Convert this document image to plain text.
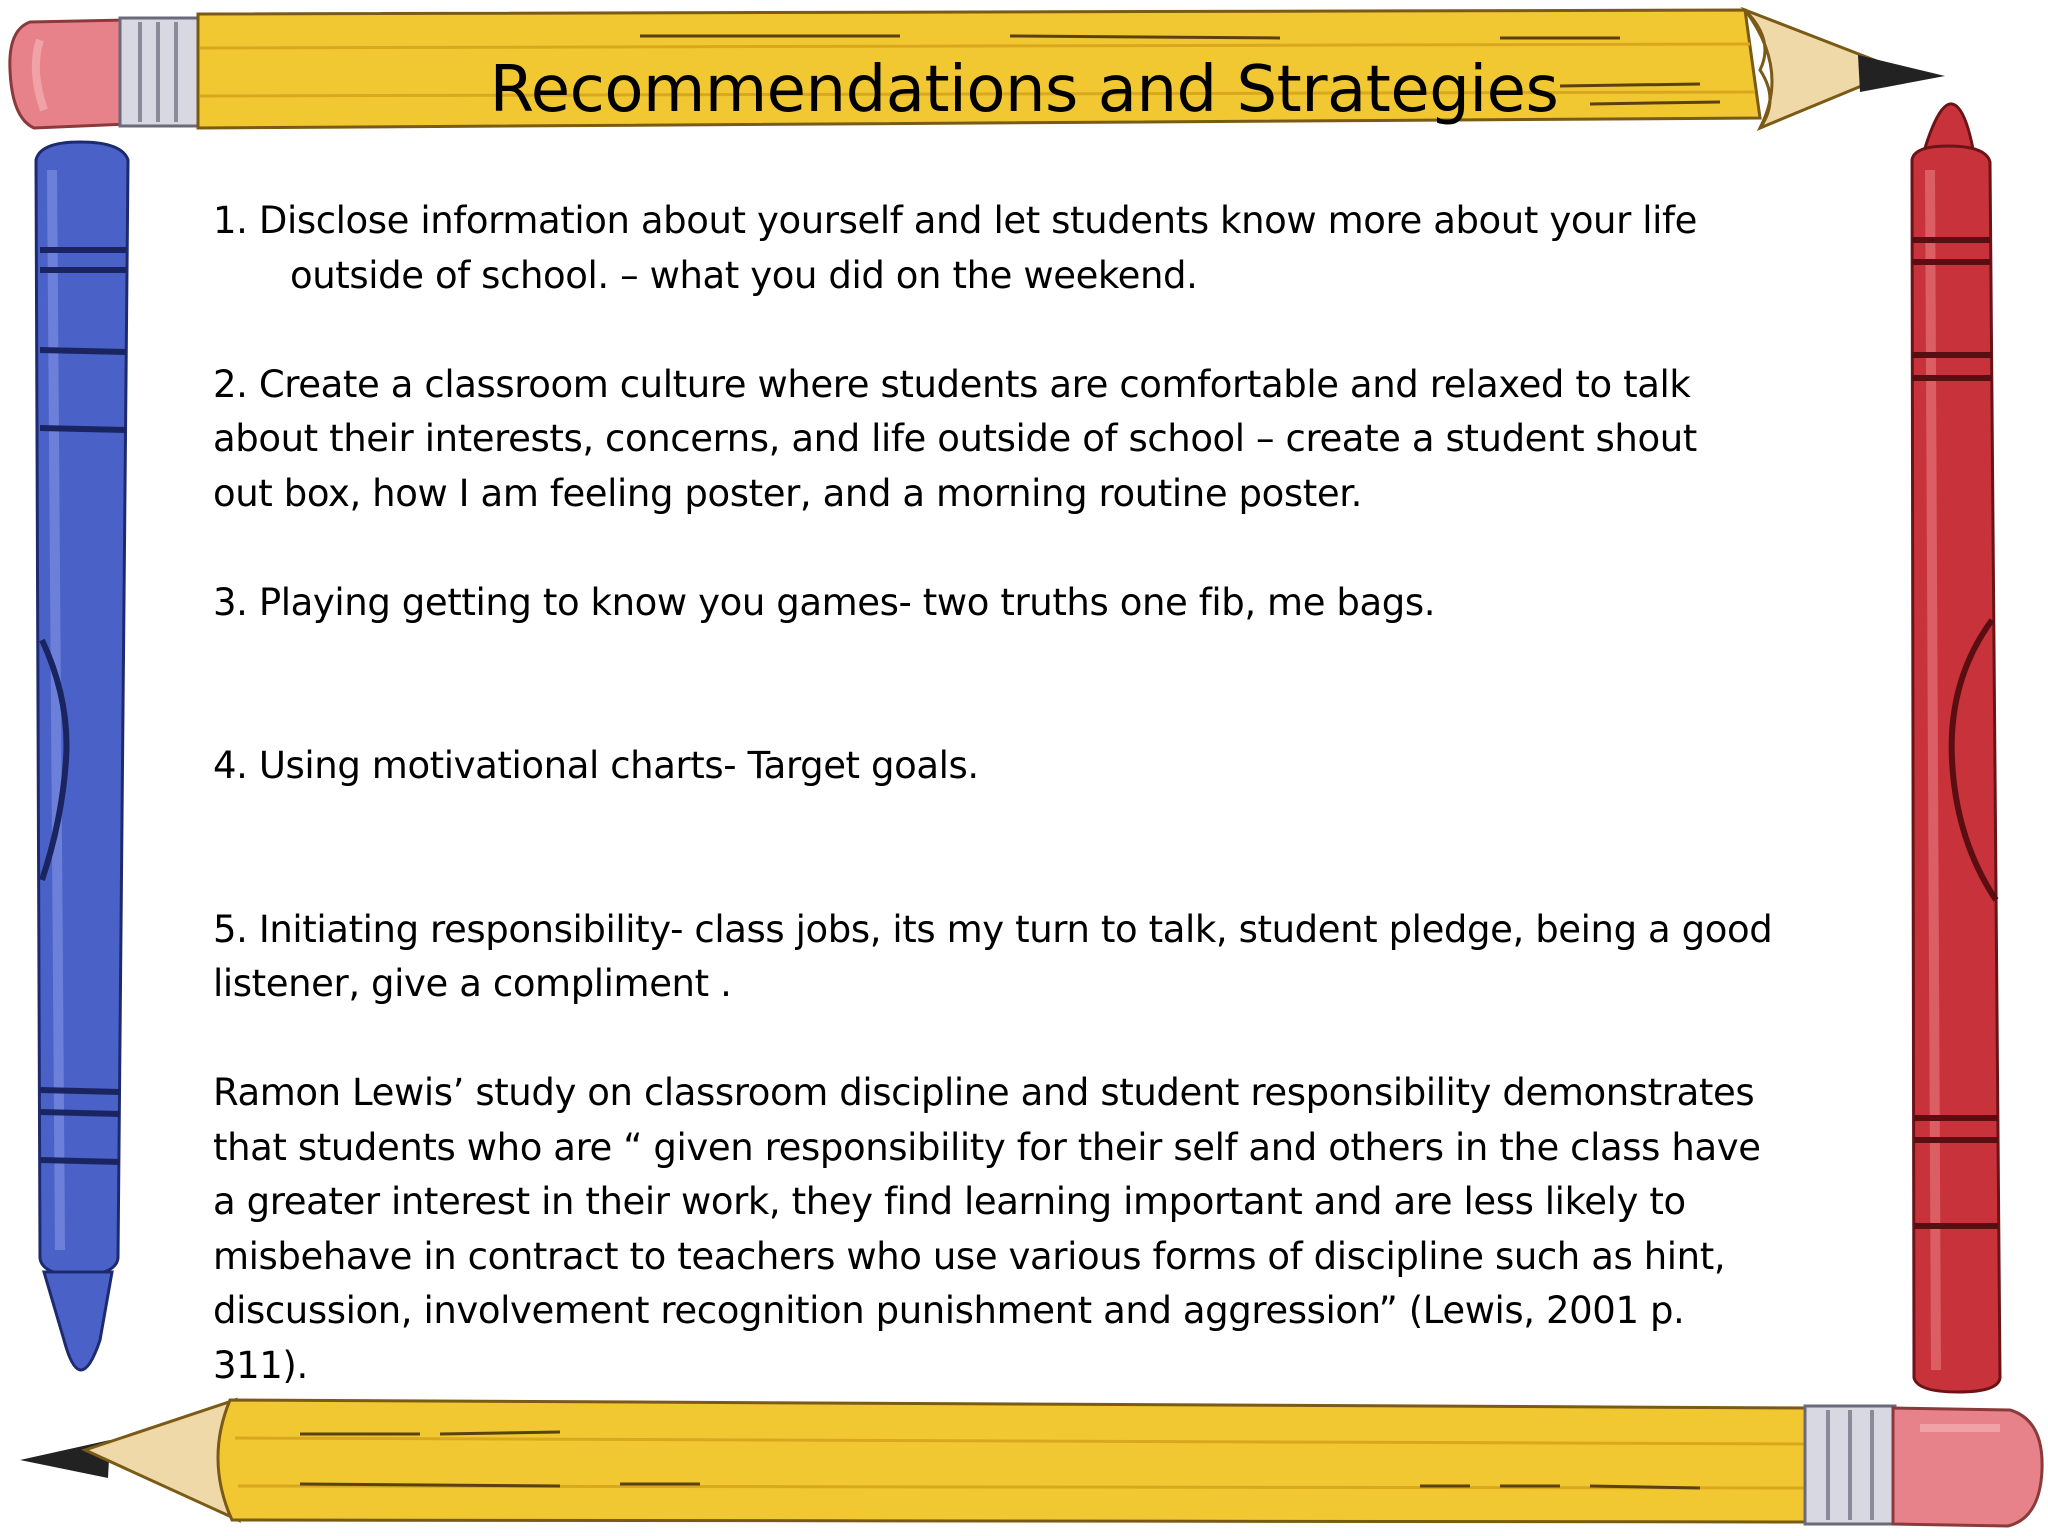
Recommendations and Strategies

1. Disclose information about yourself and let students know more about your life
outside of school. – what you did on the weekend.

2. Create a classroom culture where students are comfortable and relaxed to talk
about their interests, concerns, and life outside of school – create a student shout
out box, how I am feeling poster, and a morning routine poster.

3. Playing getting to know you games- two truths one fib, me bags.

4. Using motivational charts- Target goals.

5. Initiating responsibility- class jobs, its my turn to talk, student pledge, being a good
listener, give a compliment .

Ramon Lewis’ study on classroom discipline and student responsibility demonstrates
that students who are “ given responsibility for their self and others in the class have
a greater interest in their work, they find learning important and are less likely to
misbehave in contract to teachers who use various forms of discipline such as hint,
discussion, involvement recognition punishment and aggression” (Lewis, 2001 p.
311).
